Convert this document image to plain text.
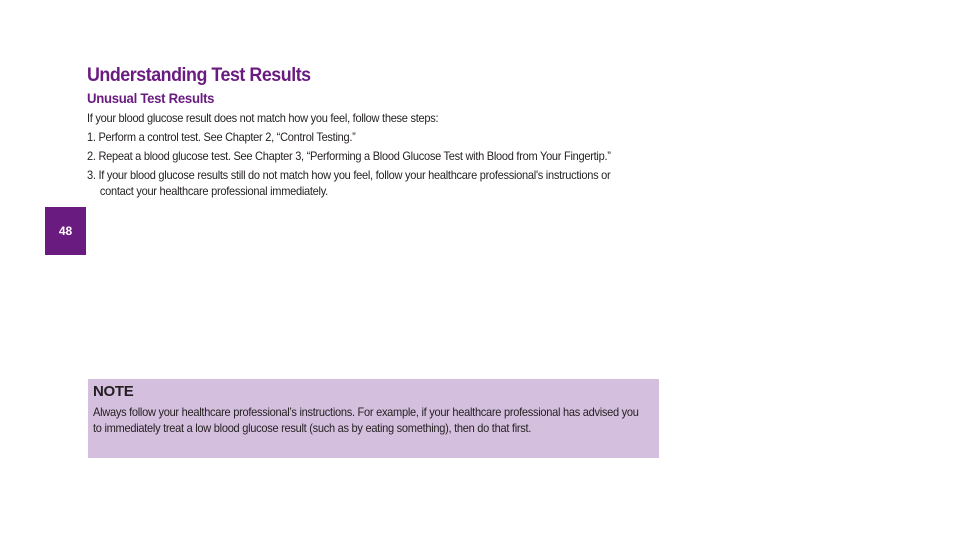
48
Understanding Test Results
Unusual Test Results

If your blood glucose result does not match how you feel, follow these steps:

1. Perform a control test. See Chapter 2, “Control Testing.”
2. Repeat a blood glucose test. See Chapter 3, “Performing a Blood Glucose Test with Blood from Your Fingertip.”
3. If your blood glucose results still do not match how you feel, follow your healthcare professional's instructions or contact your healthcare professional immediately.

NOTE

Always follow your healthcare professional’s instructions. For example, if your healthcare professional has advised you to immediately treat a low blood glucose result (such as by eating something), then do that first.
